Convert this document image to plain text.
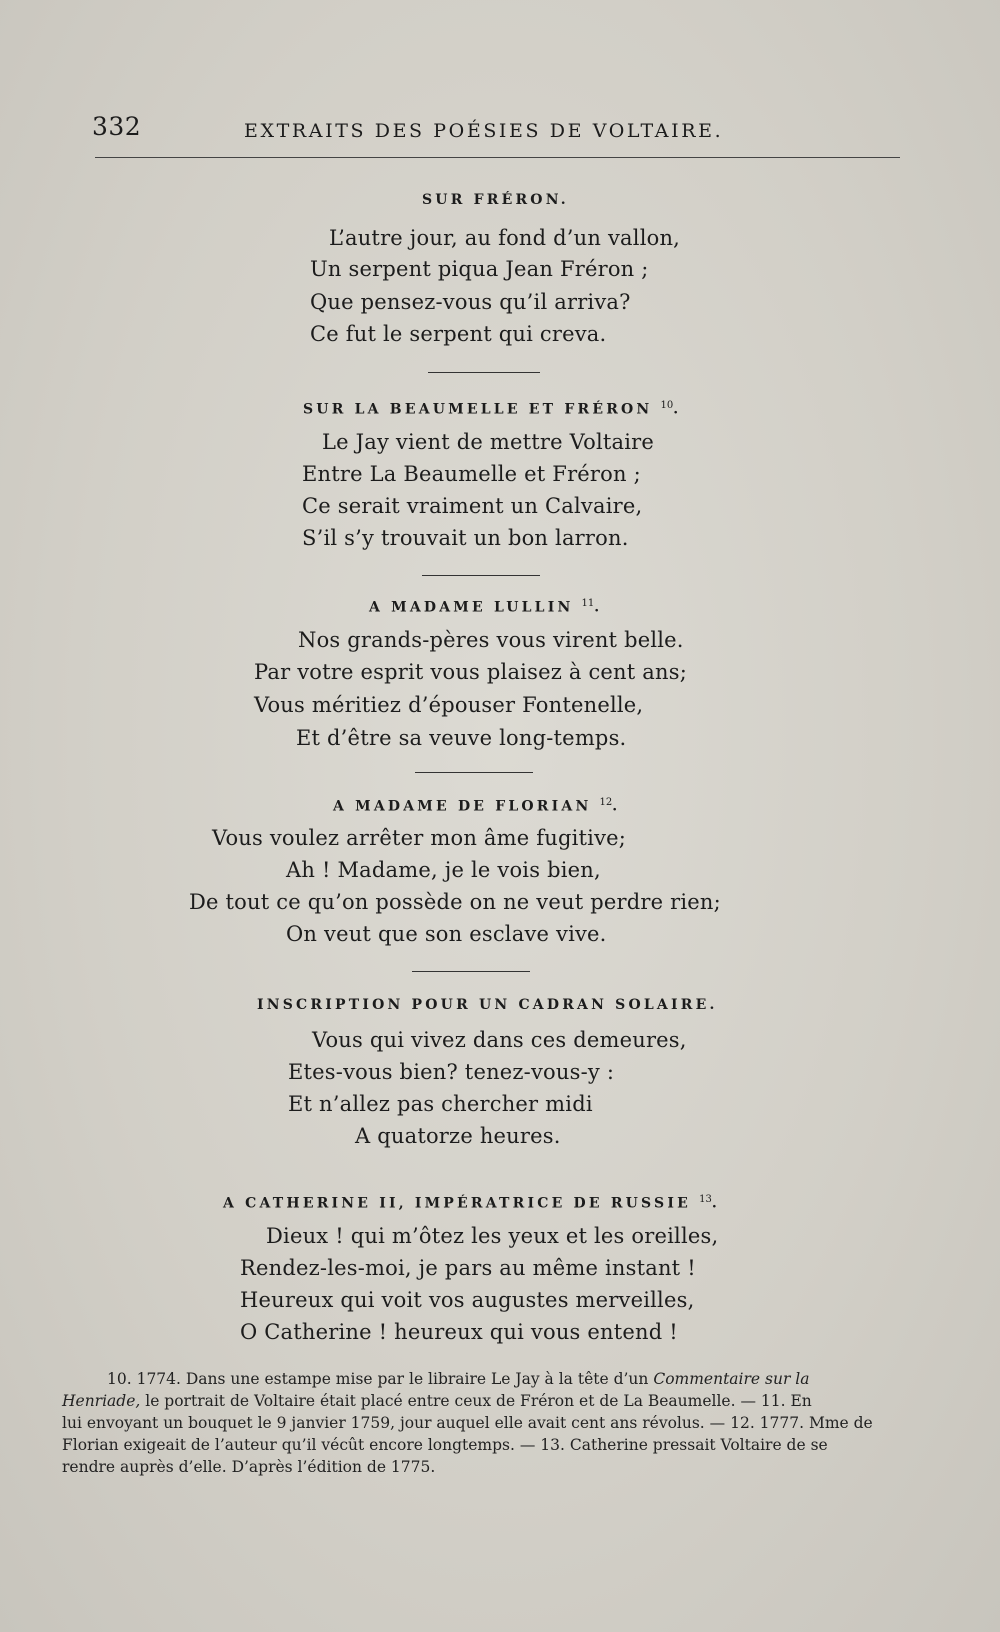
332	EXTRAITS DES POÉSIES DE VOLTAIRE.
SUR FRÉRON.
L’autre jour, au fond d’un vallon,
Un serpent piqua Jean Fréron ;
Que pensez-vous qu’il arriva?
Ce fut le serpent qui creva.
SUR LA BEAUMELLE ET FRÉRON $^{10}$.
Le Jay vient de mettre Voltaire
Entre La Beaumelle et Fréron ;
Ce serait vraiment un Calvaire,
S’il s’y trouvait un bon larron.
A MADAME LULLIN $^{11}$.
Nos grands-pères vous virent belle.
Par votre esprit vous plaisez à cent ans;
Vous méritiez d’épouser Fontenelle,
Et d’être sa veuve long-temps.
A MADAME DE FLORIAN $^{12}$.
Vous voulez arrêter mon âme fugitive;
Ah ! Madame, je le vois bien,
De tout ce qu’on possède on ne veut perdre rien;
On veut que son esclave vive.
INSCRIPTION POUR UN CADRAN SOLAIRE.
Vous qui vivez dans ces demeures,
Etes-vous bien? tenez-vous-y :
Et n’allez pas chercher midi
A quatorze heures.
A CATHERINE II, IMPÉRATRICE DE RUSSIE $^{13}$.
Dieux ! qui m’ôtez les yeux et les oreilles,
Rendez-les-moi, je pars au même instant !
Heureux qui voit vos augustes merveilles,
O Catherine ! heureux qui vous entend !
10. 1774. Dans une estampe mise par le libraire Le Jay à la tête d’un Commentaire sur la
Henriade, le portrait de Voltaire était placé entre ceux de Fréron et de La Beaumelle. — 11. En
lui envoyant un bouquet le 9 janvier 1759, jour auquel elle avait cent ans révolus. — 12. 1777. Mme de
Florian exigeait de l’auteur qu’il vécût encore longtemps. — 13. Catherine pressait Voltaire de se
rendre auprès d’elle. D’après l’édition de 1775.
